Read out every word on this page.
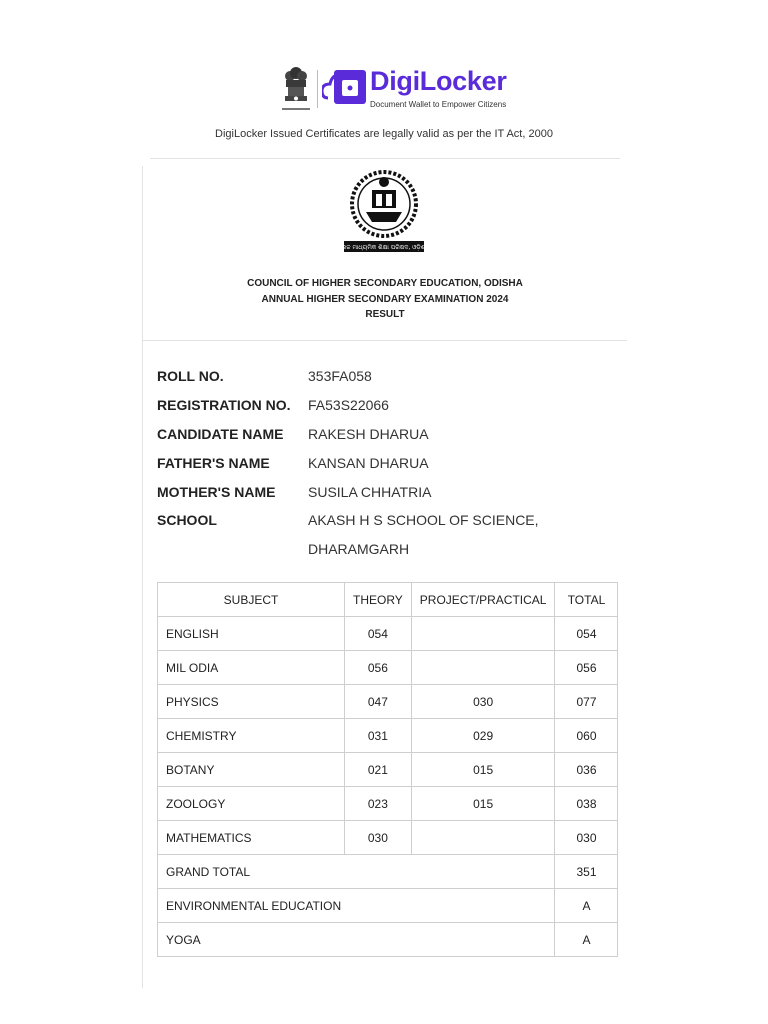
DigiLocker
Document Wallet to Empower Citizens
DigiLocker Issued Certificates are legally valid as per the IT Act, 2000
ଉଚ୍ଚ ମାଧ୍ୟମିକ ଶିକ୍ଷା ପରିଷଦ, ଓଡ଼ିଶା
COUNCIL OF HIGHER SECONDARY EDUCATION, ODISHA
ANNUAL HIGHER SECONDARY EXAMINATION 2024
RESULT
ROLL NO.	353FA058
REGISTRATION NO.	FA53S22066
CANDIDATE NAME	RAKESH DHARUA
FATHER'S NAME	KANSAN DHARUA
MOTHER'S NAME	SUSILA CHHATRIA
SCHOOL	AKASH H S SCHOOL OF SCIENCE,
DHARAMGARH
SUBJECT	THEORY	PROJECT/PRACTICAL	TOTAL
ENGLISH	054		054
MIL ODIA	056		056
PHYSICS	047	030	077
CHEMISTRY	031	029	060
BOTANY	021	015	036
ZOOLOGY	023	015	038
MATHEMATICS	030		030
GRAND TOTAL			351
ENVIRONMENTAL EDUCATION			A
YOGA			A
